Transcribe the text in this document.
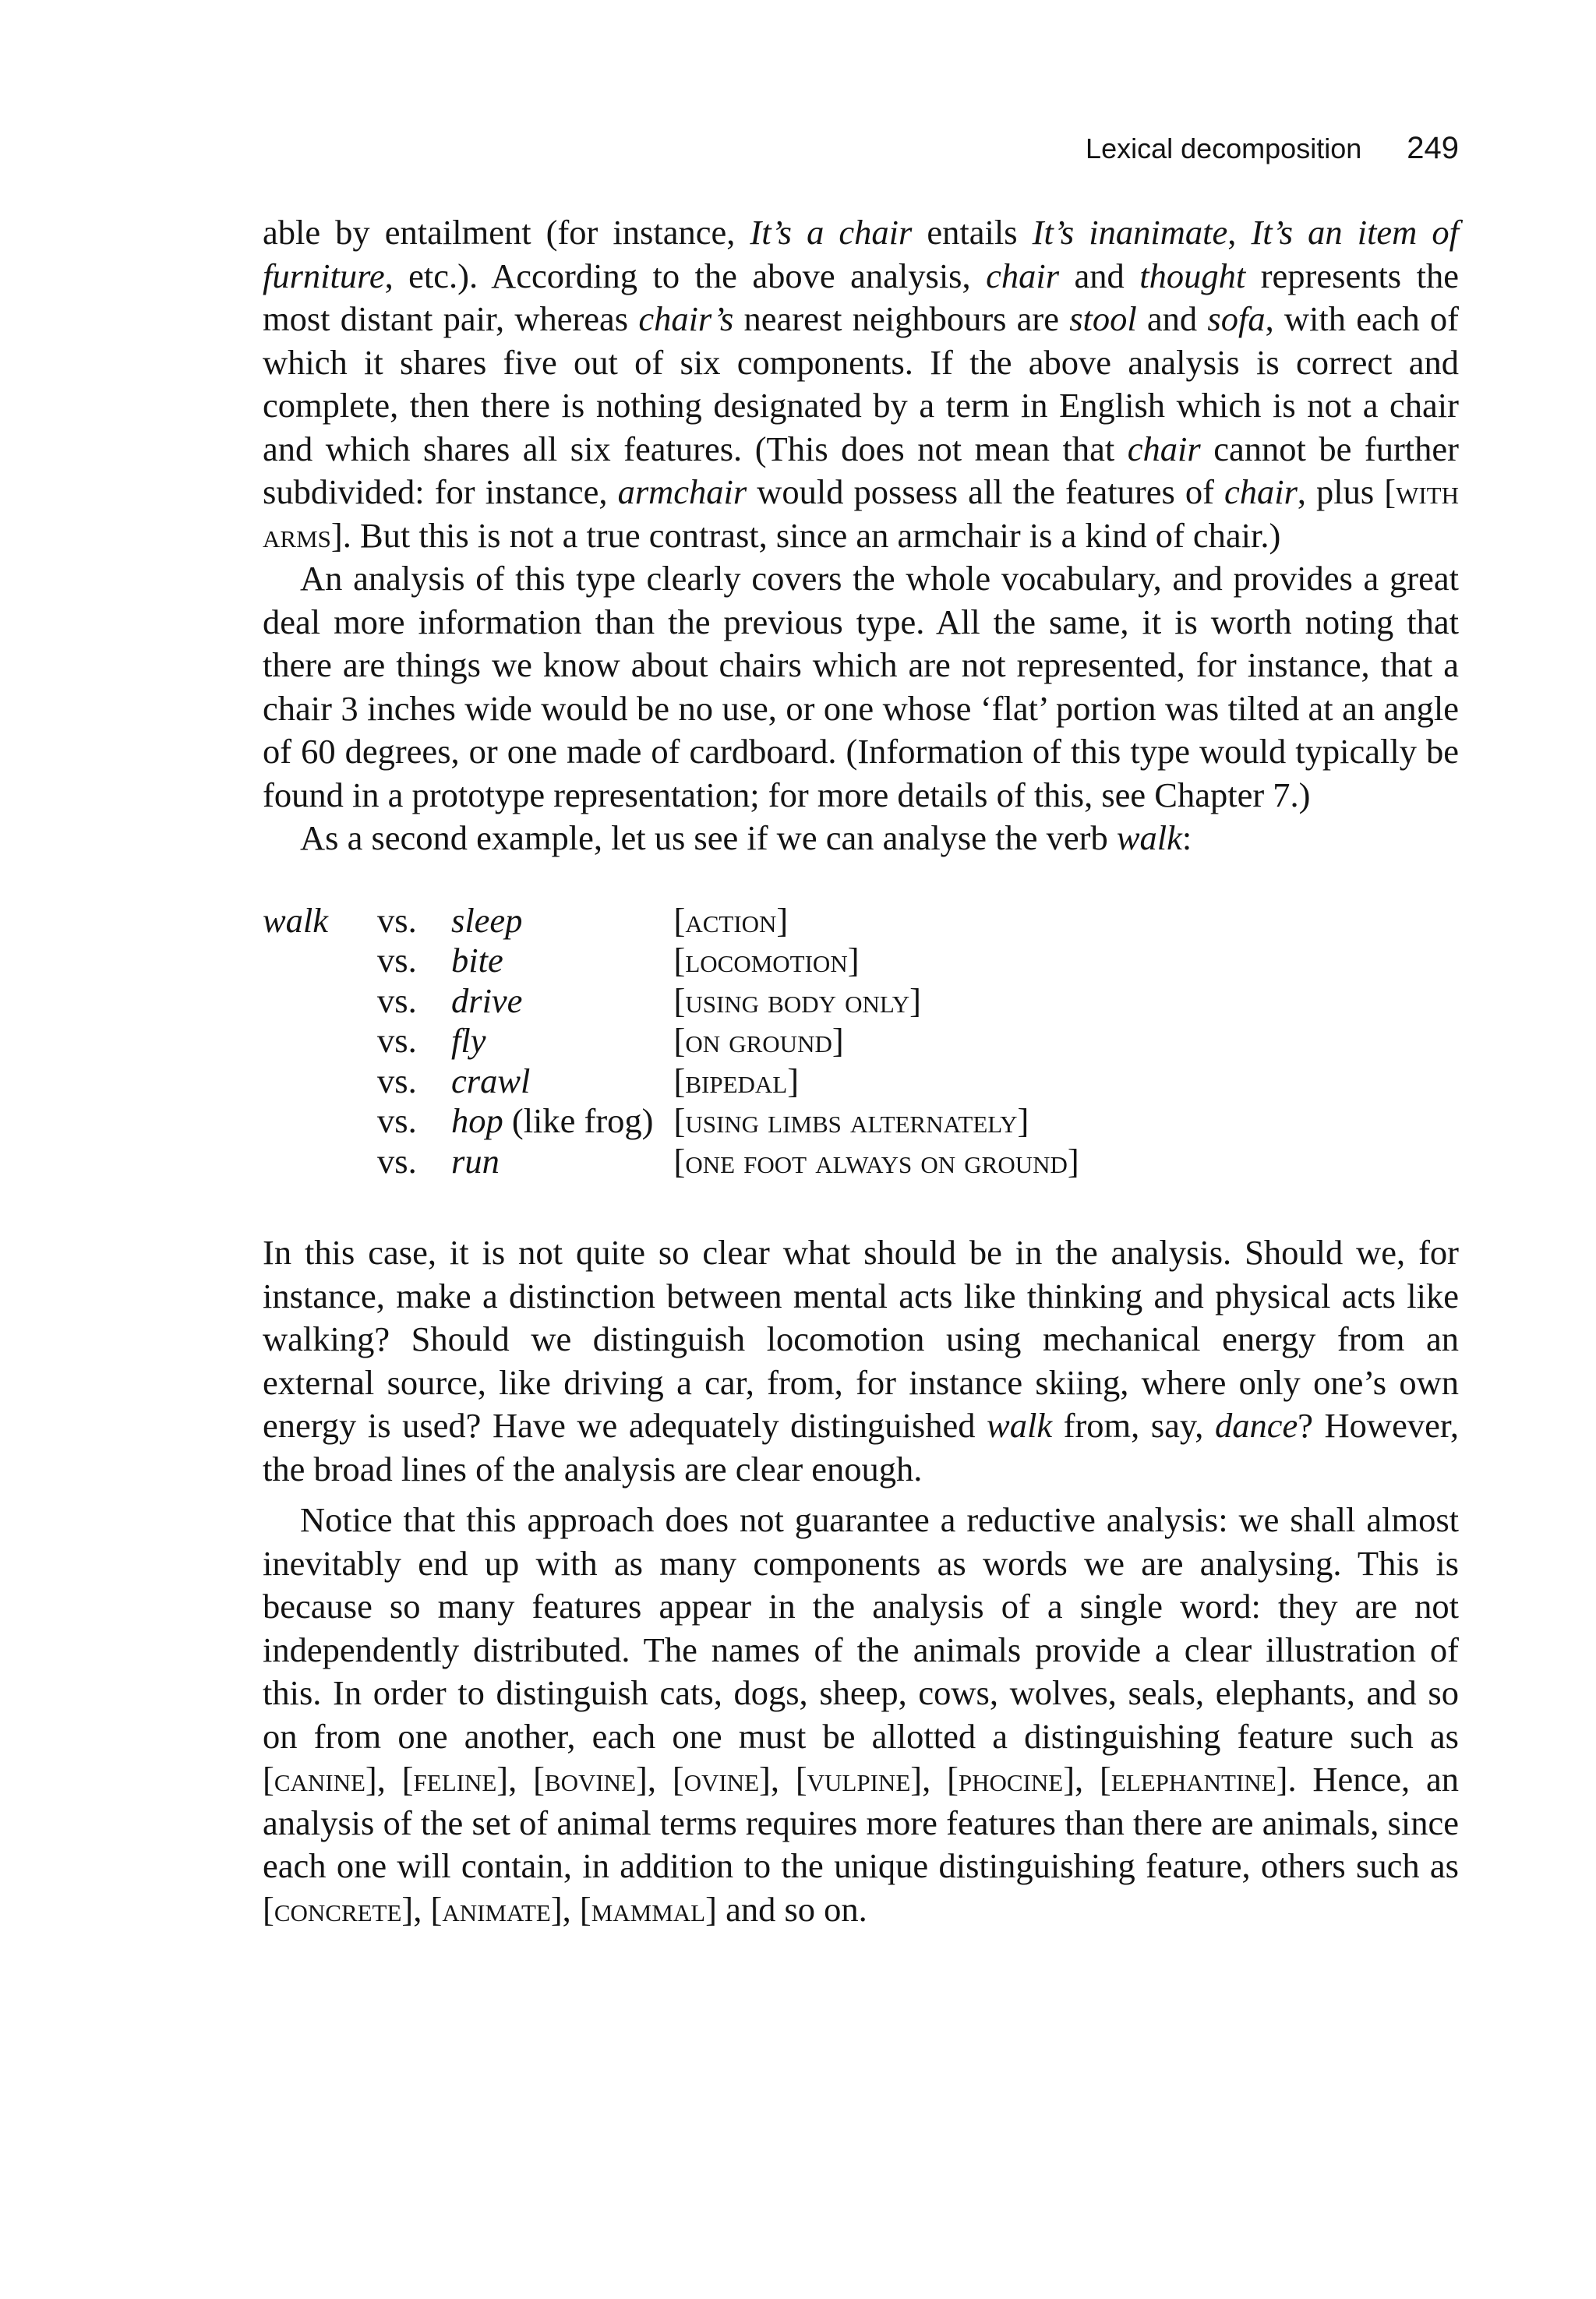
Lexical decomposition 249

able by entailment (for instance, It’s a chair entails It’s inanimate, It’s an item of furniture, etc.). According to the above analysis, chair and thought represents the most distant pair, whereas chair’s nearest neighbours are stool and sofa, with each of which it shares five out of six components. If the above analysis is correct and complete, then there is nothing designated by a term in English which is not a chair and which shares all six features. (This does not mean that chair cannot be further subdivided: for instance, armchair would possess all the features of chair, plus [with arms]. But this is not a true contrast, since an armchair is a kind of chair.)

An analysis of this type clearly covers the whole vocabulary, and provides a great deal more information than the previous type. All the same, it is worth noting that there are things we know about chairs which are not represented, for instance, that a chair 3 inches wide would be no use, or one whose ‘flat’ portion was tilted at an angle of 60 degrees, or one made of cardboard. (Information of this type would typically be found in a prototype representation; for more details of this, see Chapter 7.)

As a second example, let us see if we can analyse the verb walk:

walk	vs.	sleep	[action]
	vs.	bite	[locomotion]
	vs.	drive	[using body only]
	vs.	fly	[on ground]
	vs.	crawl	[bipedal]
	vs.	hop (like frog)	[using limbs alternately]
	vs.	run	[one foot always on ground]

In this case, it is not quite so clear what should be in the analysis. Should we, for instance, make a distinction between mental acts like thinking and physical acts like walking? Should we distinguish locomotion using mechanical energy from an external source, like driving a car, from, for instance skiing, where only one’s own energy is used? Have we adequately distinguished walk from, say, dance? However, the broad lines of the analysis are clear enough.

Notice that this approach does not guarantee a reductive analysis: we shall almost inevitably end up with as many components as words we are analysing. This is because so many features appear in the analysis of a single word: they are not independently distributed. The names of the animals provide a clear illustration of this. In order to distinguish cats, dogs, sheep, cows, wolves, seals, elephants, and so on from one another, each one must be allotted a distinguishing feature such as [canine], [feline], [bovine], [ovine], [vulpine], [phocine], [elephantine]. Hence, an analysis of the set of animal terms requires more features than there are animals, since each one will contain, in addition to the unique distinguishing feature, others such as [concrete], [animate], [mammal] and so on.
